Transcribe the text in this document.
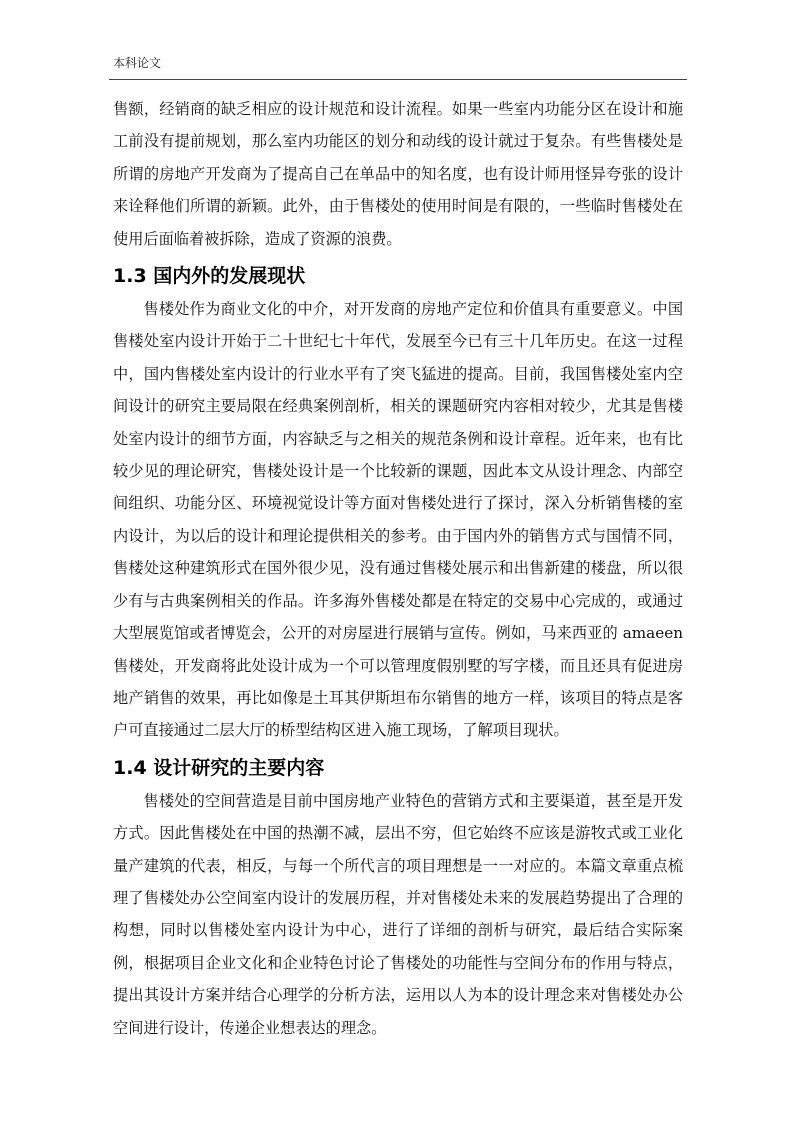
本科论文

售额，经销商的缺乏相应的设计规范和设计流程。如果一些室内功能分区在设计和施工前没有提前规划，那么室内功能区的划分和动线的设计就过于复杂。有些售楼处是所谓的房地产开发商为了提高自己在单品中的知名度，也有设计师用怪异夸张的设计来诠释他们所谓的新颖。此外，由于售楼处的使用时间是有限的，一些临时售楼处在使用后面临着被拆除，造成了资源的浪费。

1.3 国内外的发展现状

售楼处作为商业文化的中介，对开发商的房地产定位和价值具有重要意义。中国售楼处室内设计开始于二十世纪七十年代，发展至今已有三十几年历史。在这一过程中，国内售楼处室内设计的行业水平有了突飞猛进的提高。目前，我国售楼处室内空间设计的研究主要局限在经典案例剖析，相关的课题研究内容相对较少，尤其是售楼处室内设计的细节方面，内容缺乏与之相关的规范条例和设计章程。近年来，也有比较少见的理论研究，售楼处设计是一个比较新的课题，因此本文从设计理念、内部空间组织、功能分区、环境视觉设计等方面对售楼处进行了探讨，深入分析销售楼的室内设计，为以后的设计和理论提供相关的参考。由于国内外的销售方式与国情不同，售楼处这种建筑形式在国外很少见，没有通过售楼处展示和出售新建的楼盘，所以很少有与古典案例相关的作品。许多海外售楼处都是在特定的交易中心完成的，或通过大型展览馆或者博览会，公开的对房屋进行展销与宣传。例如，马来西亚的 amaeen 售楼处，开发商将此处设计成为一个可以管理度假别墅的写字楼，而且还具有促进房地产销售的效果，再比如像是土耳其伊斯坦布尔销售的地方一样，该项目的特点是客户可直接通过二层大厅的桥型结构区进入施工现场，了解项目现状。

1.4 设计研究的主要内容

售楼处的空间营造是目前中国房地产业特色的营销方式和主要渠道，甚至是开发方式。因此售楼处在中国的热潮不减，层出不穷，但它始终不应该是游牧式或工业化量产建筑的代表，相反，与每一个所代言的项目理想是一一对应的。本篇文章重点梳理了售楼处办公空间室内设计的发展历程，并对售楼处未来的发展趋势提出了合理的构想，同时以售楼处室内设计为中心，进行了详细的剖析与研究，最后结合实际案例，根据项目企业文化和企业特色讨论了售楼处的功能性与空间分布的作用与特点，提出其设计方案并结合心理学的分析方法，运用以人为本的设计理念来对售楼处办公空间进行设计，传递企业想表达的理念。
